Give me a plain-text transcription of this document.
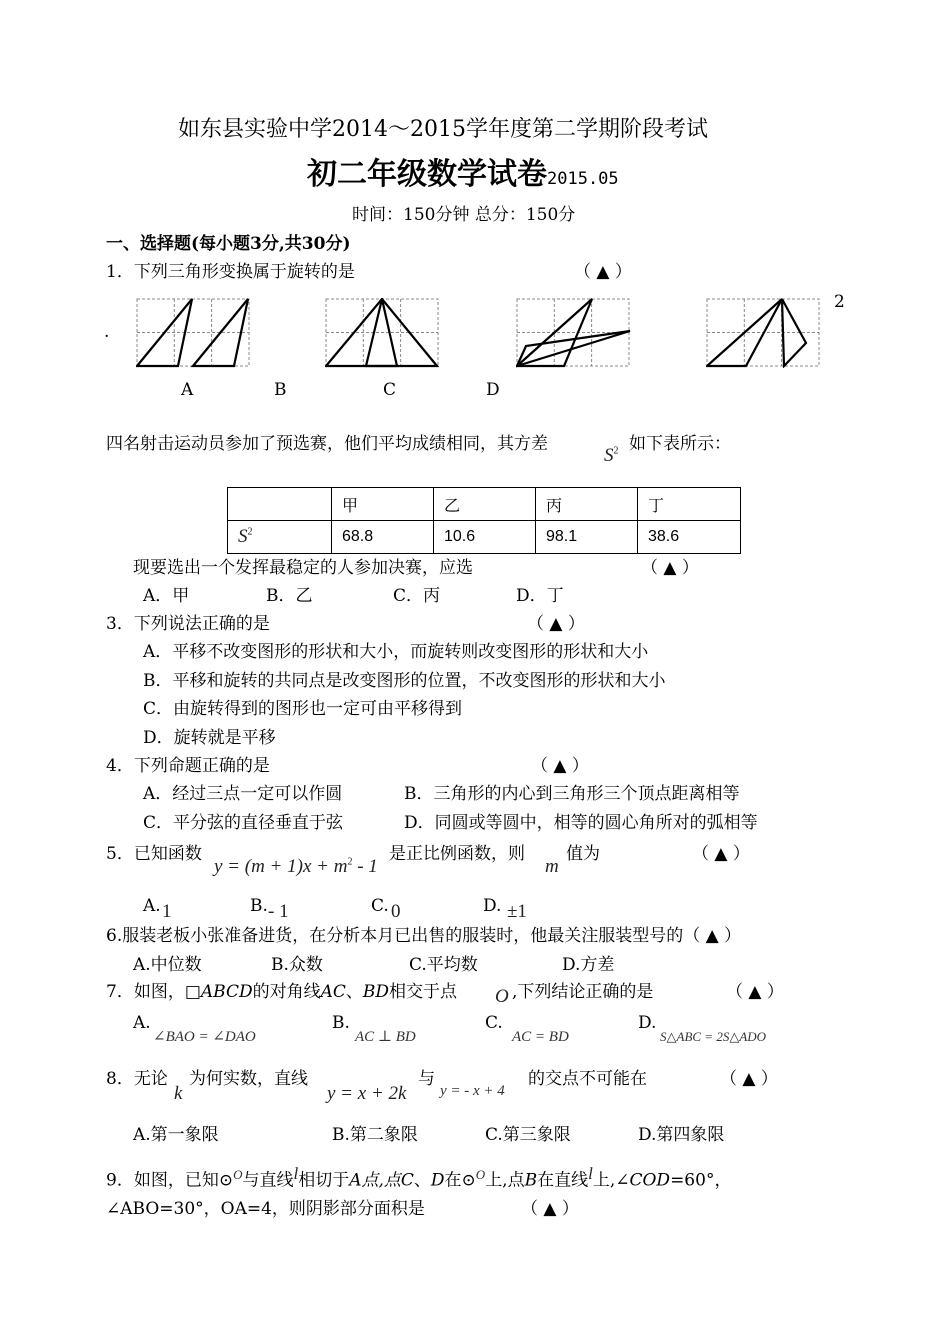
如东县实验中学2014～2015学年度第二学期阶段考试
初二年级数学试卷2015.05
时间：150分钟 总分：150分
一、选择题(每小题3分,共30分)
1．下列三角形变换属于旋转的是	（ ▲ ）
.
2
A	B	C	D
四名射击运动员参加了预选赛，他们平均成绩相同，其方差
$S^2$ 如下表所示：
	甲	乙	丙	丁
$S^2$	68.8	10.6	98.1	38.6
现要选出一个发挥最稳定的人参加决赛，应选	（ ▲ ）
A．甲	B．乙	C．丙	D．丁
3．下列说法正确的是	（ ▲ ）
A．平移不改变图形的形状和大小，而旋转则改变图形的形状和大小
B．平移和旋转的共同点是改变图形的位置，不改变图形的形状和大小
C．由旋转得到的图形也一定可由平移得到
D．旋转就是平移
4．下列命题正确的是	（ ▲ ）
A．经过三点一定可以作圆	B．三角形的内心到三角形三个顶点距离相等
C．平分弦的直径垂直于弦	D．同圆或等圆中，相等的圆心角所对的弧相等
5．已知函数
$y = (m + 1)x + m^2 - 1$
是正比例函数，则
m
值为	（ ▲ ）
A. 1	B. - 1	C. 0	D. ±1
6.服装老板小张准备进货，在分析本月已出售的服装时，他最关注服装型号的（ ▲ ）
A.中位数	B.众数	C.平均数	D.方差
7．如图，□ABCD的对角线AC、BD相交于点 O ,下列结论正确的是	（ ▲ ）
A.
∠BAO = ∠DAO
B.
AC ⊥ BD
C.
AC = BD
D.
S△ABC = 2S△ADO
8．无论
k
为何实数，直线
y = x + 2k
与
y = - x + 4
的交点不可能在	（ ▲ ）
A.第一象限	B.第二象限	C.第三象限	D.第四象限
9．如图，已知⊙$^O$与直线$^l$相切于A点,点C、D在⊙$^O$上,点B在直线$^l$上,∠COD=60°，
∠ABO=30°，OA=4，则阴影部分面积是	（ ▲ ）
